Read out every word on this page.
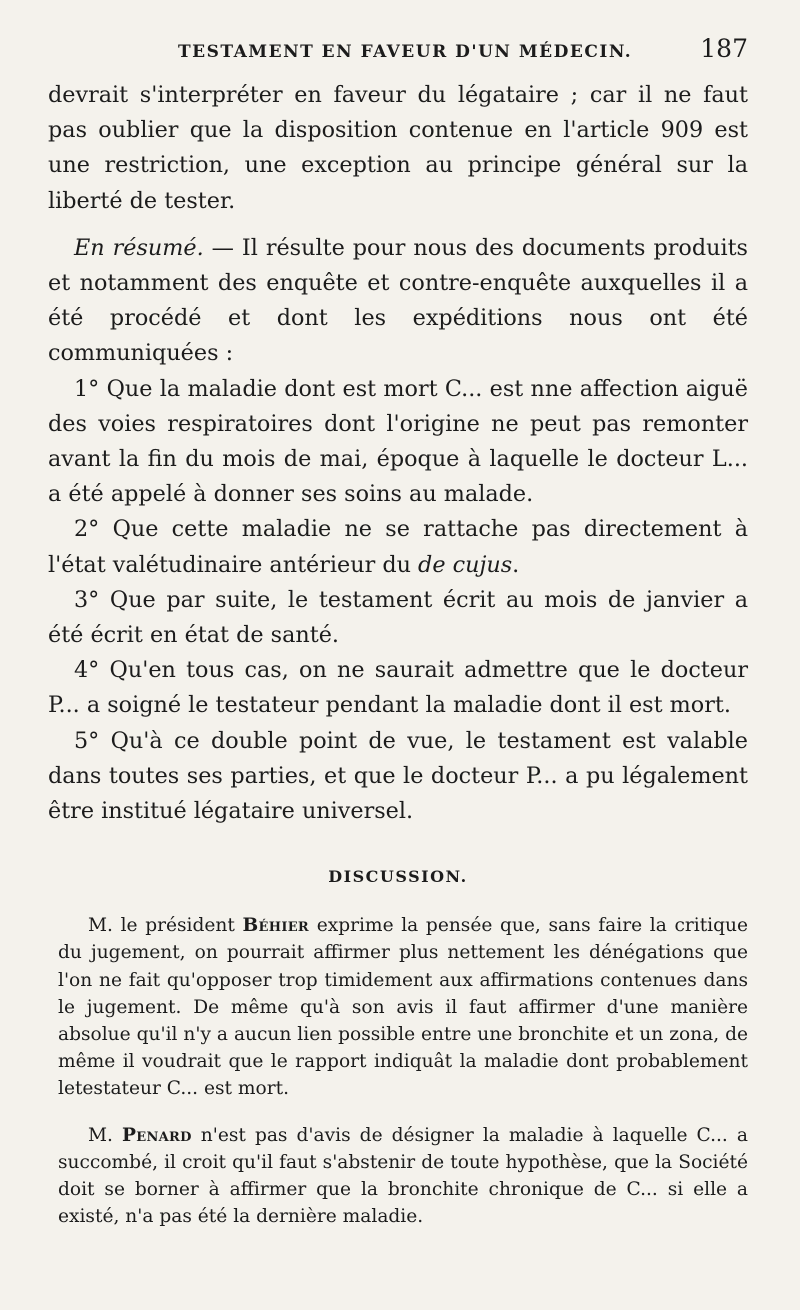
TESTAMENT EN FAVEUR D'UN MÉDECIN.	187

devrait s'interpréter en faveur du légataire ; car il ne faut pas oublier que la disposition contenue en l'article 909 est une restriction, une exception au principe général sur la liberté de tester.

En résumé. — Il résulte pour nous des documents produits et notamment des enquête et contre-enquête auxquelles il a été procédé et dont les expéditions nous ont été communiquées :

1° Que la maladie dont est mort C... est nne affection aiguë des voies respiratoires dont l'origine ne peut pas remonter avant la fin du mois de mai, époque à laquelle le docteur L... a été appelé à donner ses soins au malade.

2° Que cette maladie ne se rattache pas directement à l'état valétudinaire antérieur du de cujus.

3° Que par suite, le testament écrit au mois de janvier a été écrit en état de santé.

4° Qu'en tous cas, on ne saurait admettre que le docteur P... a soigné le testateur pendant la maladie dont il est mort.

5° Qu'à ce double point de vue, le testament est valable dans toutes ses parties, et que le docteur P... a pu légalement être institué légataire universel.

DISCUSSION.

M. le président Béhier exprime la pensée que, sans faire la critique du jugement, on pourrait affirmer plus nettement les dénégations que l'on ne fait qu'opposer trop timidement aux affirmations contenues dans le jugement. De même qu'à son avis il faut affirmer d'une manière absolue qu'il n'y a aucun lien possible entre une bronchite et un zona, de même il voudrait que le rapport indiquât la maladie dont probablement letestateur C... est mort.

M. Penard n'est pas d'avis de désigner la maladie à laquelle C... a succombé, il croit qu'il faut s'abstenir de toute hypothèse, que la Société doit se borner à affirmer que la bronchite chronique de C... si elle a existé, n'a pas été la dernière maladie.
